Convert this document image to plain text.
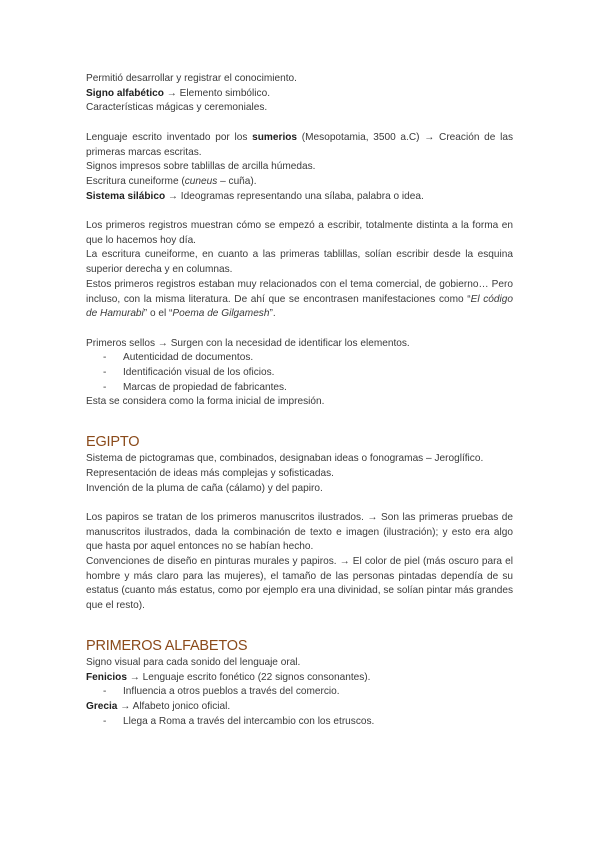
Permitió desarrollar y registrar el conocimiento.

Signo alfabético → Elemento simbólico.

Características mágicas y ceremoniales.

Lenguaje escrito inventado por los sumerios (Mesopotamia, 3500 a.C) → Creación de las primeras marcas escritas.

Signos impresos sobre tablillas de arcilla húmedas.

Escritura cuneiforme (cuneus – cuña).

Sistema silábico → Ideogramas representando una sílaba, palabra o idea.

Los primeros registros muestran cómo se empezó a escribir, totalmente distinta a la forma en que lo hacemos hoy día.

La escritura cuneiforme, en cuanto a las primeras tablillas, solían escribir desde la esquina superior derecha y en columnas.

Estos primeros registros estaban muy relacionados con el tema comercial, de gobierno… Pero incluso, con la misma literatura. De ahí que se encontrasen manifestaciones como “El código de Hamurabi” o el “Poema de Gilgamesh”.

Primeros sellos → Surgen con la necesidad de identificar los elementos.

- Autenticidad de documentos.
- Identificación visual de los oficios.
- Marcas de propiedad de fabricantes.

Esta se considera como la forma inicial de impresión.

EGIPTO

Sistema de pictogramas que, combinados, designaban ideas o fonogramas – Jeroglífico.

Representación de ideas más complejas y sofisticadas.

Invención de la pluma de caña (cálamo) y del papiro.

Los papiros se tratan de los primeros manuscritos ilustrados. → Son las primeras pruebas de manuscritos ilustrados, dada la combinación de texto e imagen (ilustración); y esto era algo que hasta por aquel entonces no se habían hecho.

Convenciones de diseño en pinturas murales y papiros. → El color de piel (más oscuro para el hombre y más claro para las mujeres), el tamaño de las personas pintadas dependía de su estatus (cuanto más estatus, como por ejemplo era una divinidad, se solían pintar más grandes que el resto).

PRIMEROS ALFABETOS

Signo visual para cada sonido del lenguaje oral.

Fenicios → Lenguaje escrito fonético (22 signos consonantes).

- Influencia a otros pueblos a través del comercio.

Grecia → Alfabeto jonico oficial.

- Llega a Roma a través del intercambio con los etruscos.
